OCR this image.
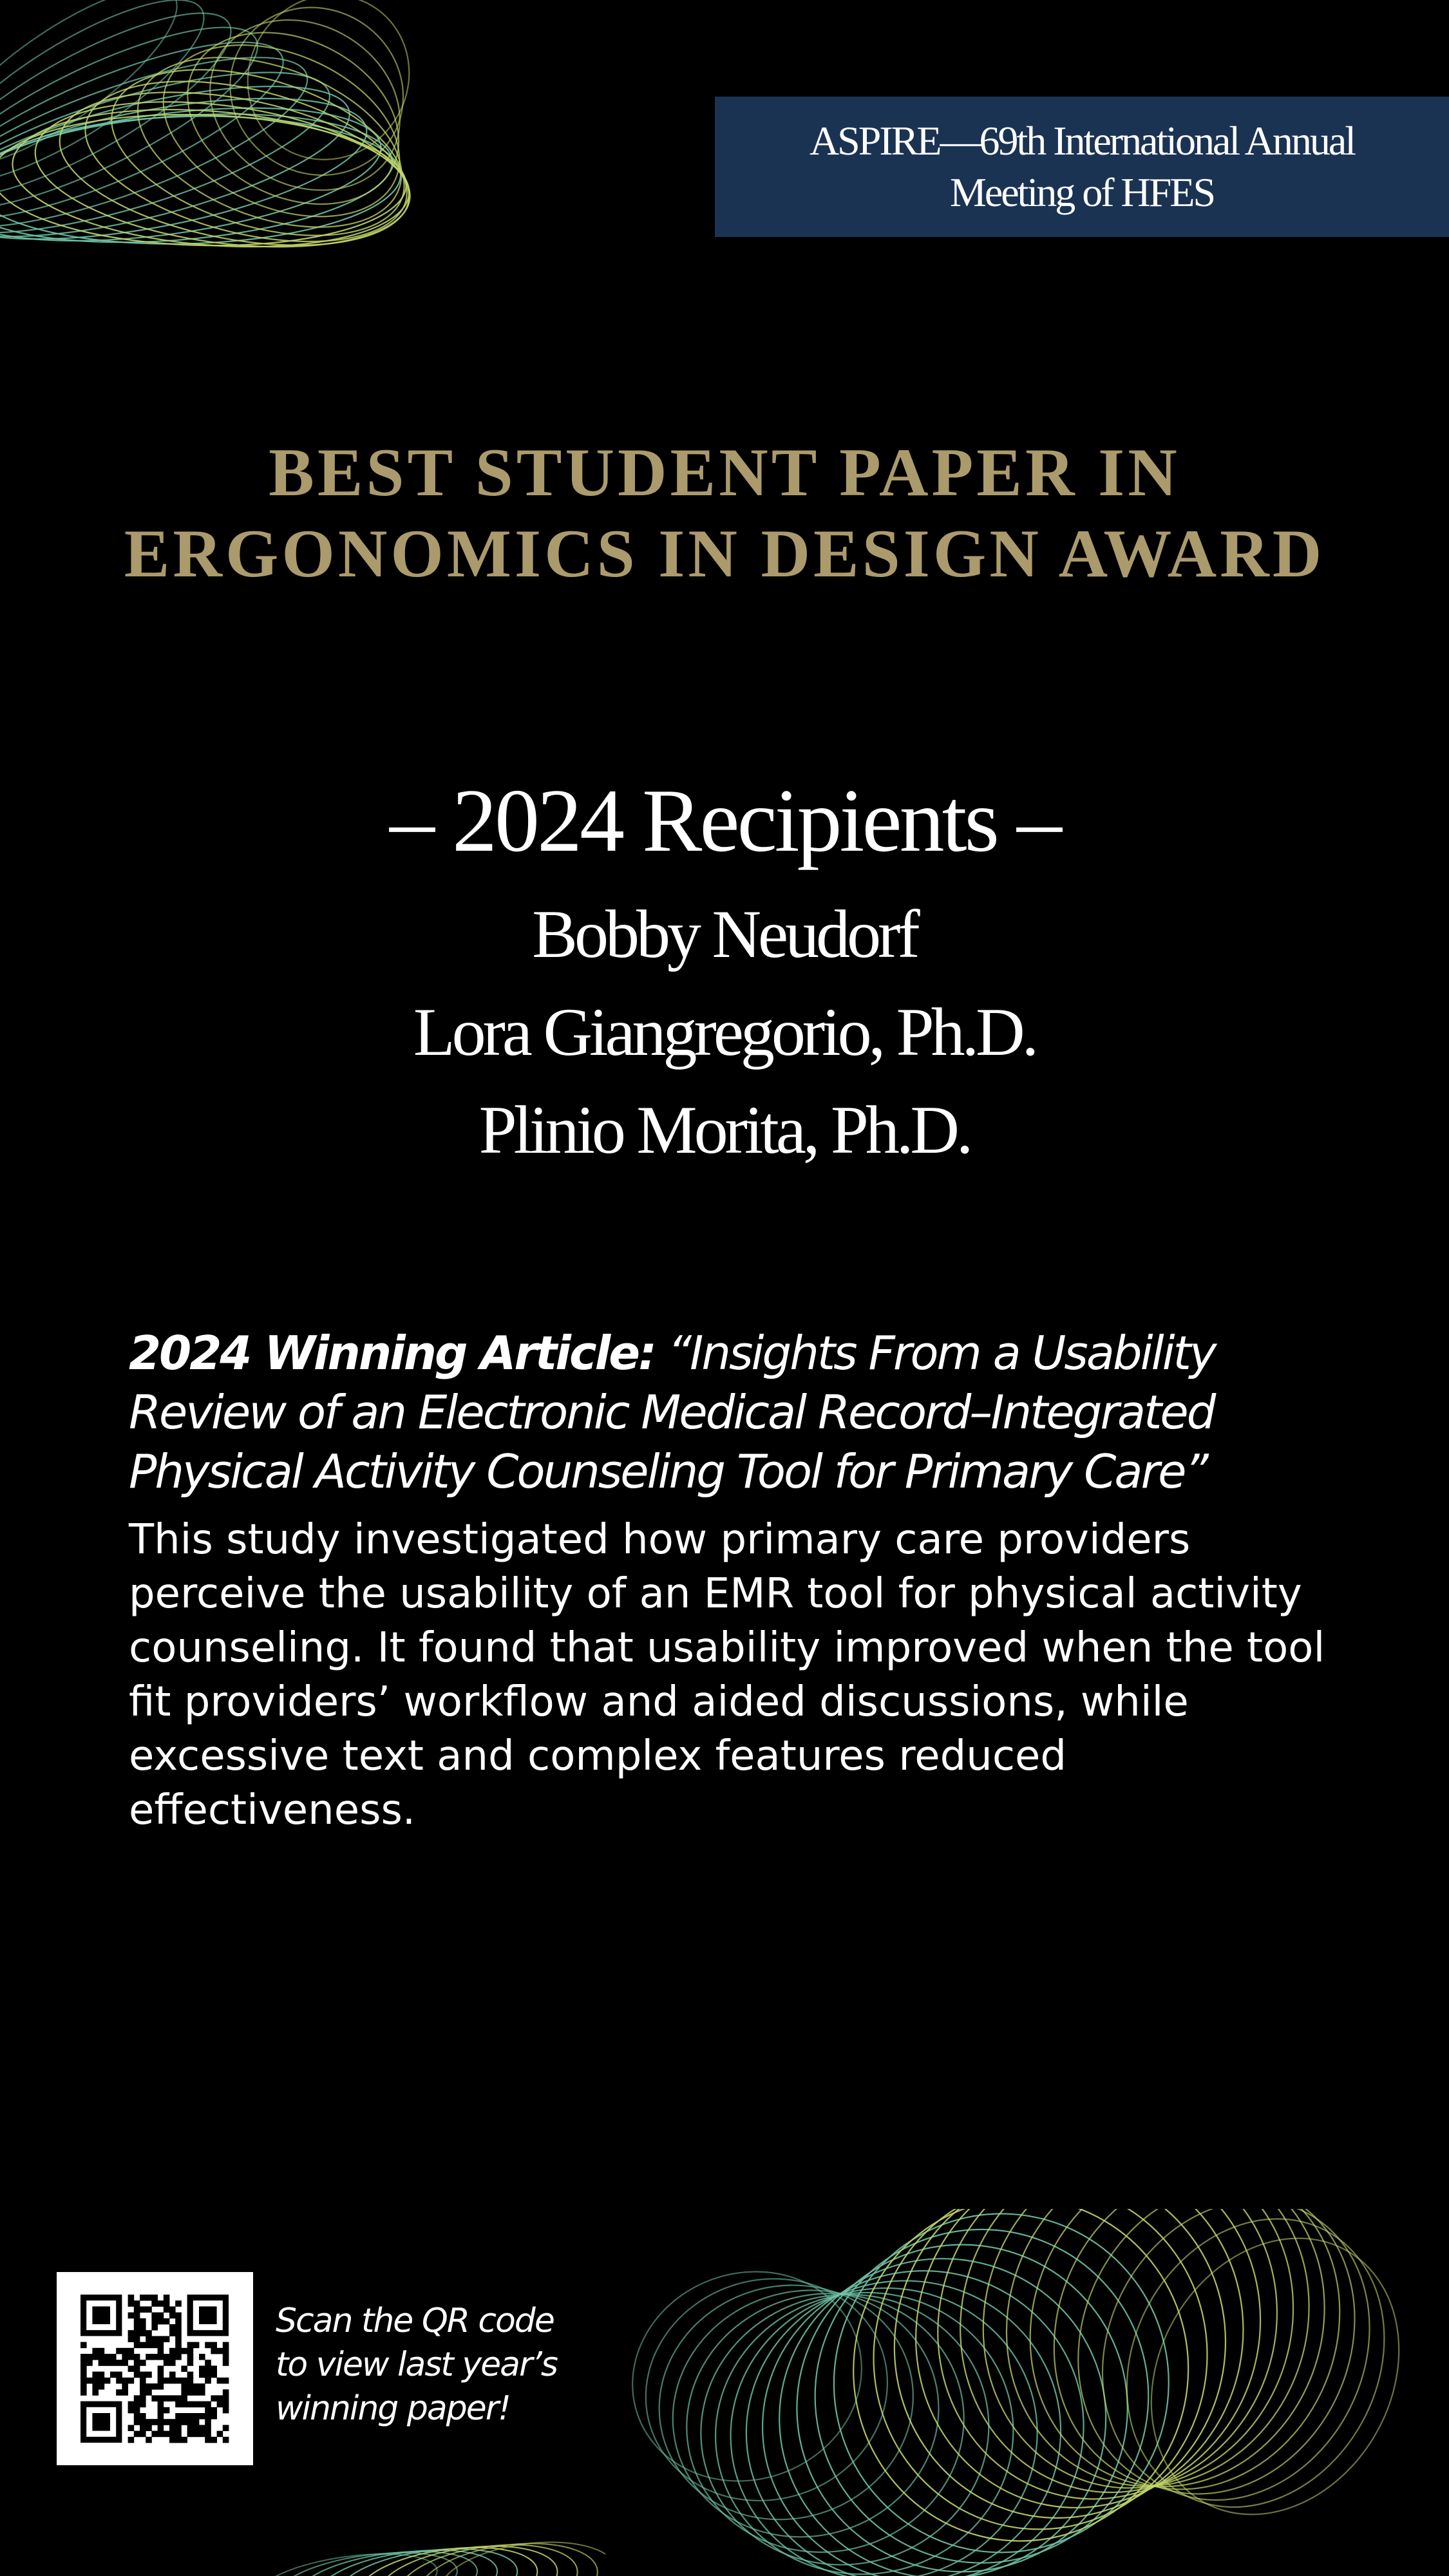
ASPIRE—69th International Annual Meeting of HFES
BEST STUDENT PAPER IN
ERGONOMICS IN DESIGN AWARD
– 2024 Recipients –
Bobby Neudorf
Lora Giangregorio, Ph.D.
Plinio Morita, Ph.D.

2024 Winning Article: “Insights From a Usability Review of an Electronic Medical Record–Integrated Physical Activity Counseling Tool for Primary Care”

This study investigated how primary care providers perceive the usability of an EMR tool for physical activity counseling. It found that usability improved when the tool fit providers’ workflow and aided discussions, while excessive text and complex features reduced effectiveness.

Scan the QR code
to view last year’s
winning paper!
